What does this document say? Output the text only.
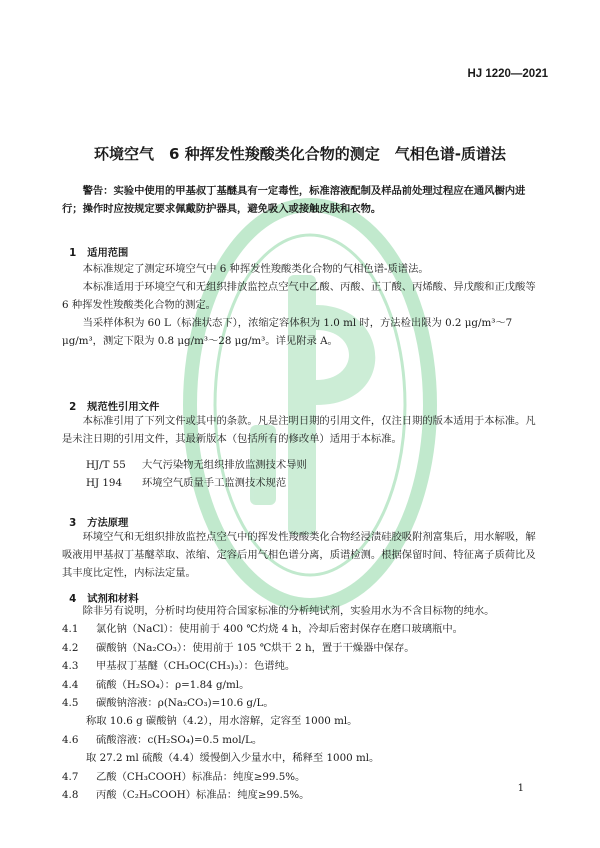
HJ 1220—2021
环境空气　6 种挥发性羧酸类化合物的测定　气相色谱-质谱法
警告：实验中使用的甲基叔丁基醚具有一定毒性，标准溶液配制及样品前处理过程应在通风橱内进行；操作时应按规定要求佩戴防护器具，避免吸入或接触皮肤和衣物。

1 适用范围

本标准规定了测定环境空气中 6 种挥发性羧酸类化合物的气相色谱-质谱法。

本标准适用于环境空气和无组织排放监控点空气中乙酸、丙酸、正丁酸、丙烯酸、异戊酸和正戊酸等 6 种挥发性羧酸类化合物的测定。

当采样体积为 60 L（标准状态下），浓缩定容体积为 1.0 ml 时，方法检出限为 0.2 μg/m³～7 μg/m³，测定下限为 0.8 μg/m³～28 μg/m³。详见附录 A。

2 规范性引用文件

本标准引用了下列文件或其中的条款。凡是注明日期的引用文件，仅注日期的版本适用于本标准。凡是未注日期的引用文件，其最新版本（包括所有的修改单）适用于本标准。

HJ/T 55	大气污染物无组织排放监测技术导则
HJ 194	环境空气质量手工监测技术规范

3 方法原理

环境空气和无组织排放监控点空气中的挥发性羧酸类化合物经浸渍硅胶吸附剂富集后，用水解吸，解吸液用甲基叔丁基醚萃取、浓缩、定容后用气相色谱分离，质谱检测。根据保留时间、特征离子质荷比及其丰度比定性，内标法定量。

4 试剂和材料

除非另有说明，分析时均使用符合国家标准的分析纯试剂，实验用水为不含目标物的纯水。

4.1	氯化钠（NaCl）：使用前于 400 ℃灼烧 4 h，冷却后密封保存在磨口玻璃瓶中。
4.2	碳酸钠（Na₂CO₃）：使用前于 105 ℃烘干 2 h，置于干燥器中保存。
4.3	甲基叔丁基醚（CH₃OC(CH₃)₃）：色谱纯。
4.4	硫酸（H₂SO₄）：ρ=1.84 g/ml。
4.5	碳酸钠溶液：ρ(Na₂CO₃)=10.6 g/L。
称取 10.6 g 碳酸钠（4.2），用水溶解，定容至 1000 ml。
4.6	硫酸溶液：c(H₂SO₄)=0.5 mol/L。
取 27.2 ml 硫酸（4.4）缓慢倒入少量水中，稀释至 1000 ml。
4.7	乙酸（CH₃COOH）标准品：纯度≥99.5%。
4.8	丙酸（C₂H₅COOH）标准品：纯度≥99.5%。
1
